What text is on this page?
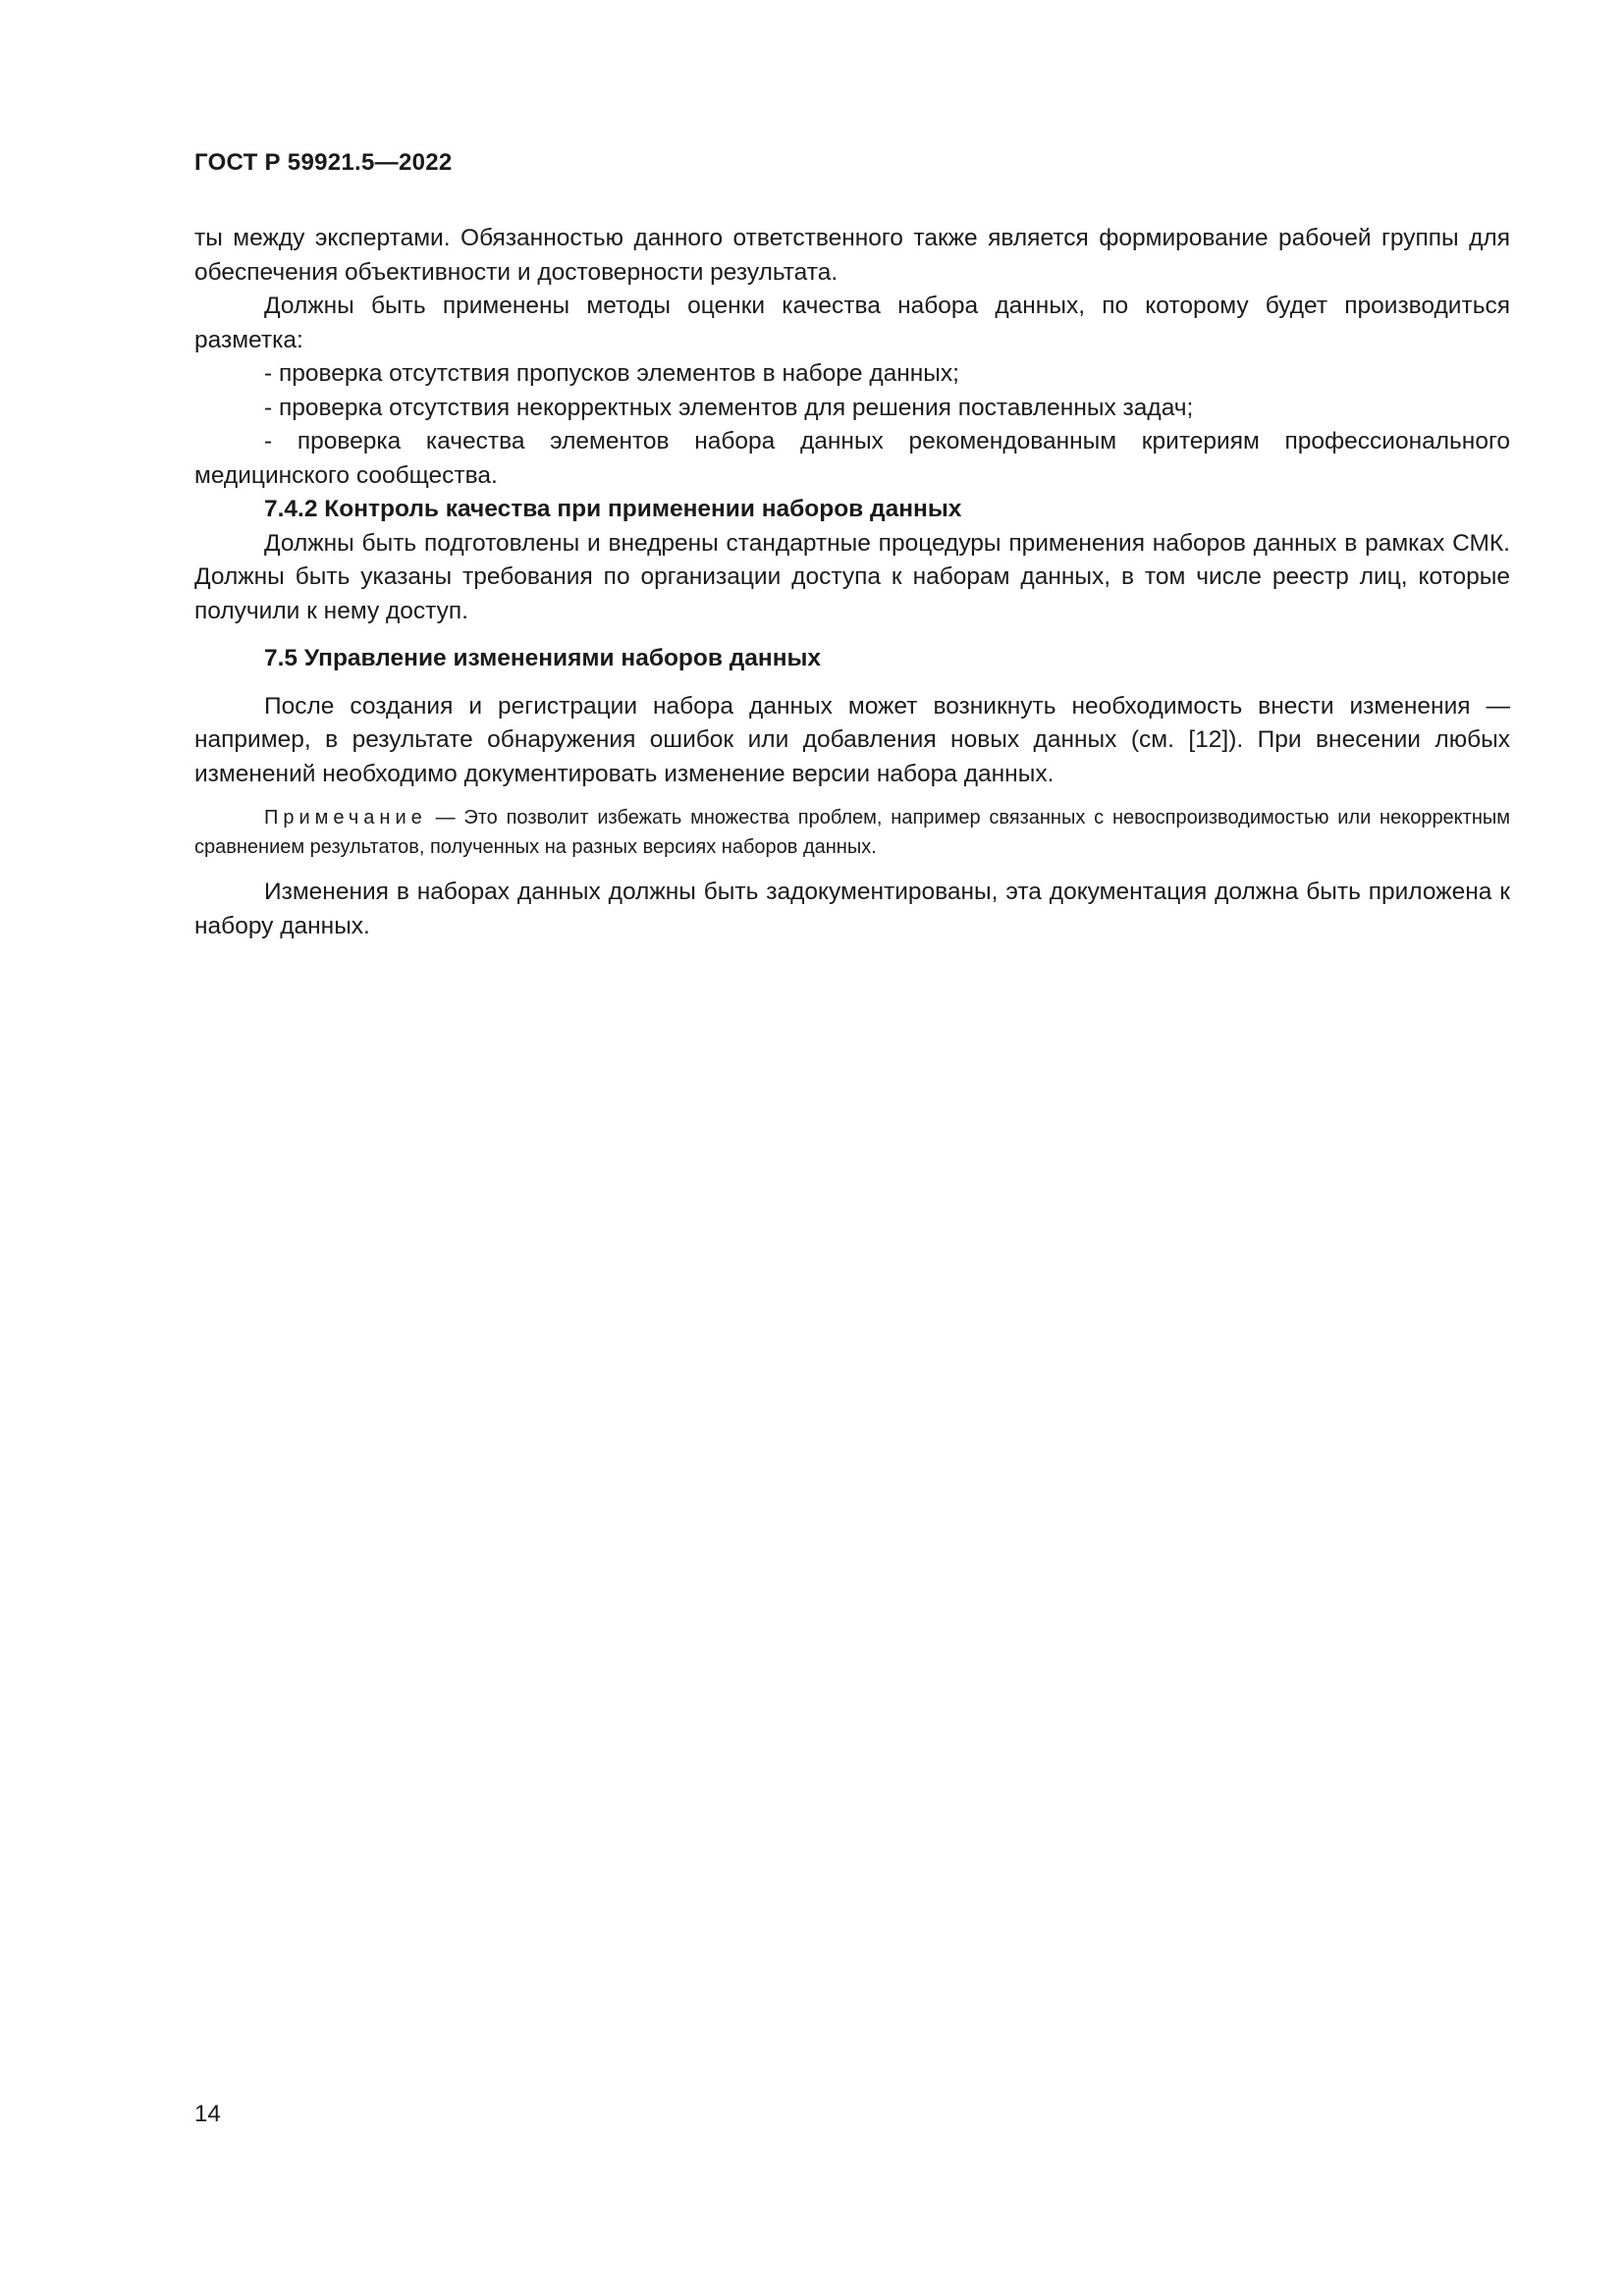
ГОСТ Р 59921.5—2022

ты между экспертами. Обязанностью данного ответственного также является формирование рабочей группы для обеспечения объективности и достоверности результата.

Должны быть применены методы оценки качества набора данных, по которому будет производиться разметка:

- проверка отсутствия пропусков элементов в наборе данных;
- проверка отсутствия некорректных элементов для решения поставленных задач;
- проверка качества элементов набора данных рекомендованным критериям профессионального медицинского сообщества.

7.4.2 Контроль качества при применении наборов данных

Должны быть подготовлены и внедрены стандартные процедуры применения наборов данных в рамках СМК. Должны быть указаны требования по организации доступа к наборам данных, в том числе реестр лиц, которые получили к нему доступ.

7.5 Управление изменениями наборов данных

После создания и регистрации набора данных может возникнуть необходимость внести изменения — например, в результате обнаружения ошибок или добавления новых данных (см. [12]). При внесении любых изменений необходимо документировать изменение версии набора данных.

Примечание — Это позволит избежать множества проблем, например связанных с невоспроизводимостью или некорректным сравнением результатов, полученных на разных версиях наборов данных.

Изменения в наборах данных должны быть задокументированы, эта документация должна быть приложена к набору данных.

14
